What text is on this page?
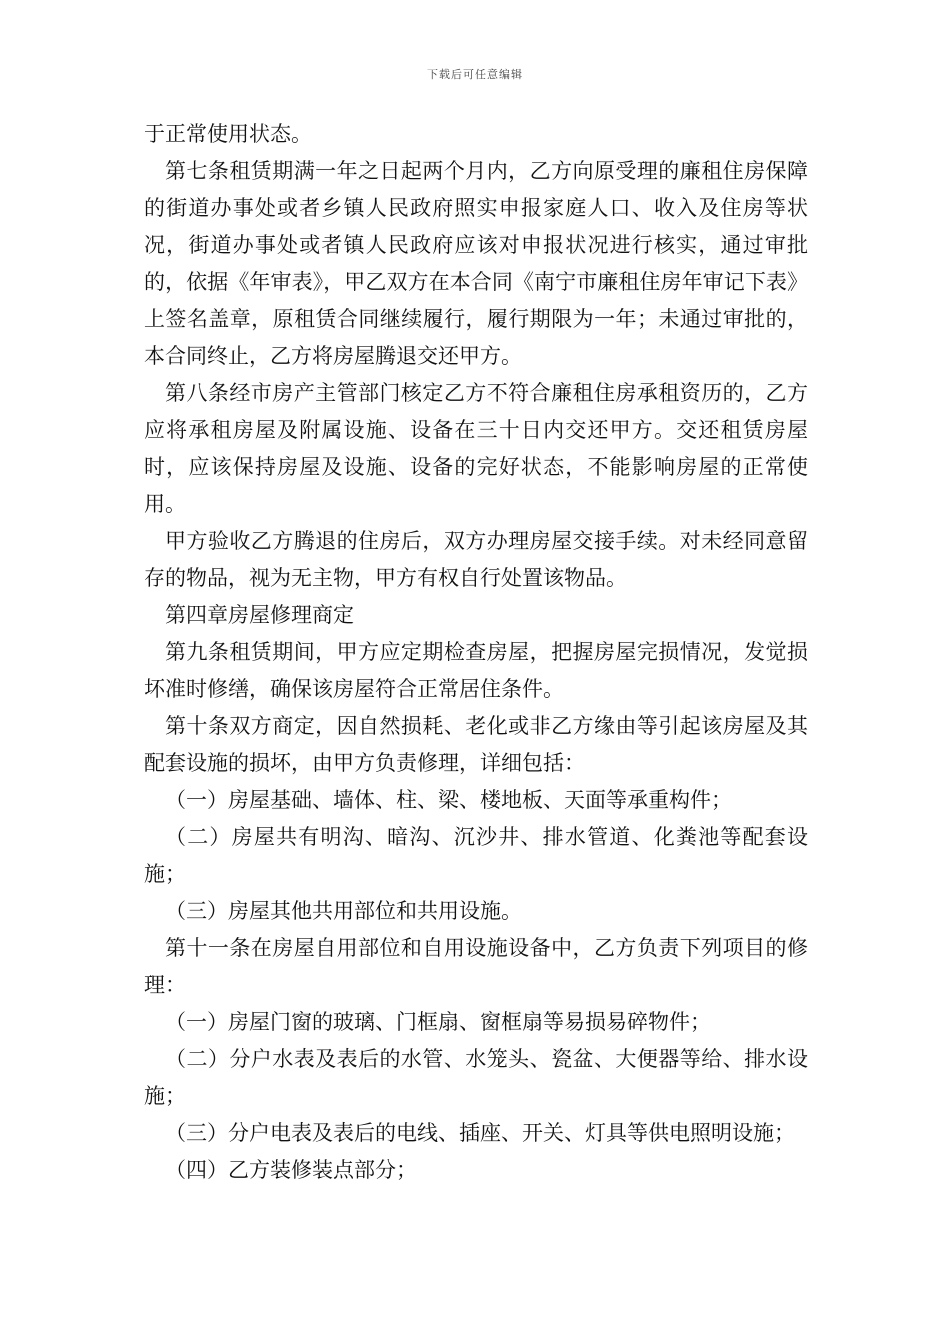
下载后可任意编辑

于正常使用状态。

第七条租赁期满一年之日起两个月内，乙方向原受理的廉租住房保障的街道办事处或者乡镇人民政府照实申报家庭人口、收入及住房等状况，街道办事处或者镇人民政府应该对申报状况进行核实，通过审批的，依据《年审表》，甲乙双方在本合同《南宁市廉租住房年审记下表》上签名盖章，原租赁合同继续履行，履行期限为一年；未通过审批的，本合同终止，乙方将房屋腾退交还甲方。

第八条经市房产主管部门核定乙方不符合廉租住房承租资历的，乙方应将承租房屋及附属设施、设备在三十日内交还甲方。交还租赁房屋时，应该保持房屋及设施、设备的完好状态，不能影响房屋的正常使用。

甲方验收乙方腾退的住房后，双方办理房屋交接手续。对未经同意留存的物品，视为无主物，甲方有权自行处置该物品。

第四章房屋修理商定

第九条租赁期间，甲方应定期检查房屋，把握房屋完损情况，发觉损坏准时修缮，确保该房屋符合正常居住条件。

第十条双方商定，因自然损耗、老化或非乙方缘由等引起该房屋及其配套设施的损坏，由甲方负责修理，详细包括：

（一）房屋基础、墙体、柱、梁、楼地板、天面等承重构件；

（二）房屋共有明沟、暗沟、沉沙井、排水管道、化粪池等配套设施；

（三）房屋其他共用部位和共用设施。

第十一条在房屋自用部位和自用设施设备中，乙方负责下列项目的修理：

（一）房屋门窗的玻璃、门框扇、窗框扇等易损易碎物件；

（二）分户水表及表后的水管、水笼头、瓷盆、大便器等给、排水设施；

（三）分户电表及表后的电线、插座、开关、灯具等供电照明设施；

（四）乙方装修装点部分；
